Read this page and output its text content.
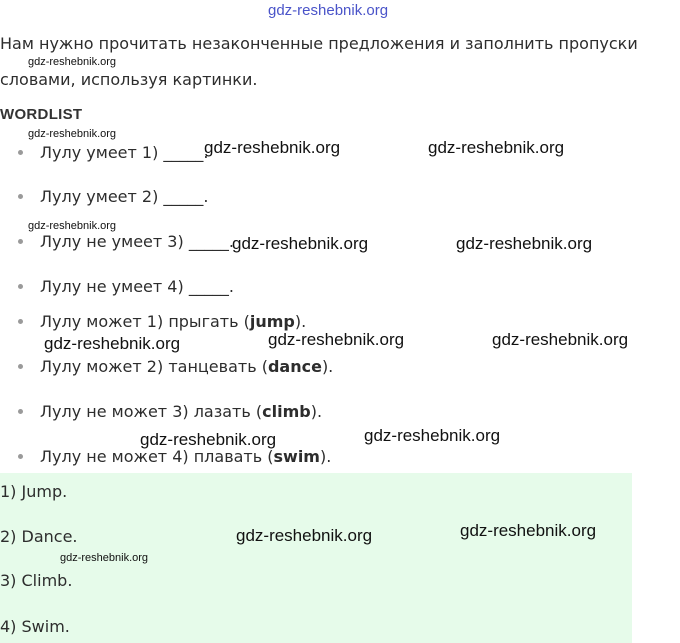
gdz-reshebnik.org
Нам нужно прочитать незаконченные предложения и заполнить пропуски
словами, используя картинки.
WORDLIST
Лулу умеет 1) _____.
Лулу умеет 2) _____.
Лулу не умеет 3) _____.
Лулу не умеет 4) _____.
Лулу может 1) прыгать (jump).
Лулу может 2) танцевать (dance).
Лулу не может 3) лазать (climb).
Лулу не может 4) плавать (swim).
1) Jump.
2) Dance.
3) Climb.
4) Swim.
gdz-reshebnik.org
gdz-reshebnik.org
gdz-reshebnik.org
gdz-reshebnik.org
gdz-reshebnik.org	gdz-reshebnik.org
gdz-reshebnik.org	gdz-reshebnik.org
gdz-reshebnik.org	gdz-reshebnik.org	gdz-reshebnik.org
gdz-reshebnik.org	gdz-reshebnik.org
gdz-reshebnik.org	gdz-reshebnik.org
